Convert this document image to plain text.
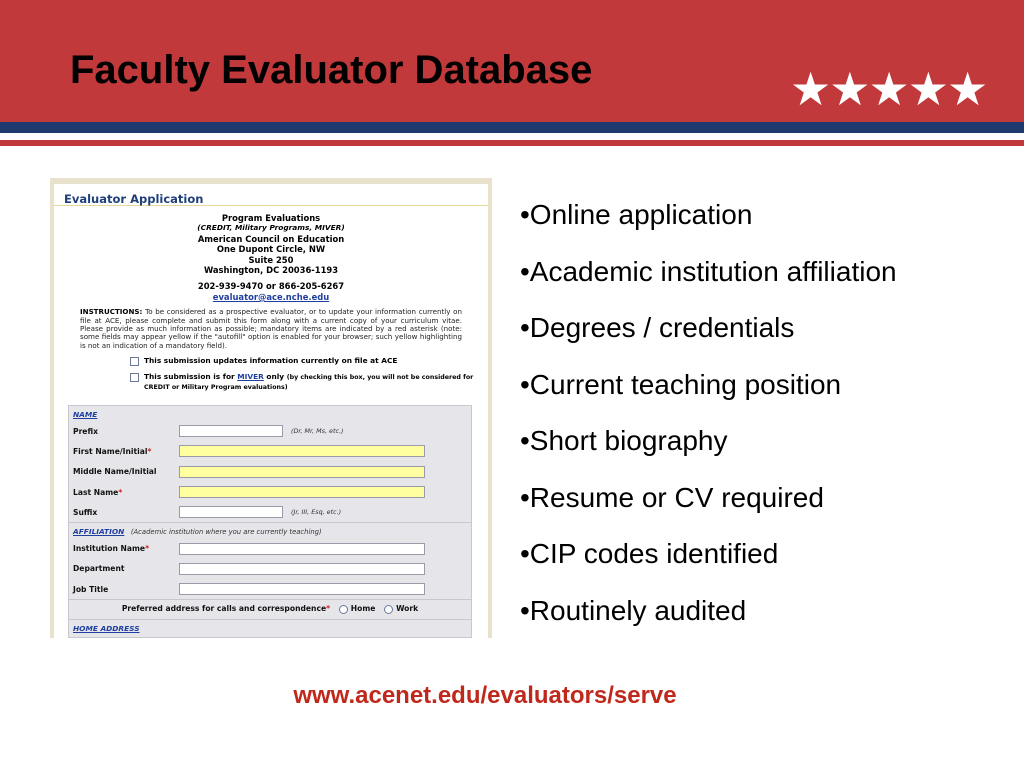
Faculty Evaluator Database	★★★★★
Evaluator Application
Program Evaluations
(CREDIT, Military Programs, MIVER)
American Council on Education
One Dupont Circle, NW
Suite 250
Washington, DC 20036-1193
202-939-9470 or 866-205-6267
evaluator@ace.nche.edu
INSTRUCTIONS: To be considered as a prospective evaluator, or to update your information currently on file at ACE, please complete and submit this form along with a current copy of your curriculum vitae. Please provide as much information as possible; mandatory items are indicated by a red asterisk (note: some fields may appear yellow if the "autofill" option is enabled for your browser; such yellow highlighting is not an indication of a mandatory field).
This submission updates information currently on file at ACE
This submission is for MIVER only (by checking this box, you will not be considered for CREDIT or Military Program evaluations)
NAME
Prefix	(Dr, Mr, Ms, etc.)
First Name/Initial*
Middle Name/Initial
Last Name*
Suffix	(Jr, III, Esq, etc.)
AFFILIATION (Academic institution where you are currently teaching)
Institution Name*
Department
Job Title
Preferred address for calls and correspondence*	Home	Work
HOME ADDRESS
•Online application
•Academic institution affiliation
•Degrees / credentials
•Current teaching position
•Short biography
•Resume or CV required
•CIP codes identified
•Routinely audited
www.acenet.edu/evaluators/serve
